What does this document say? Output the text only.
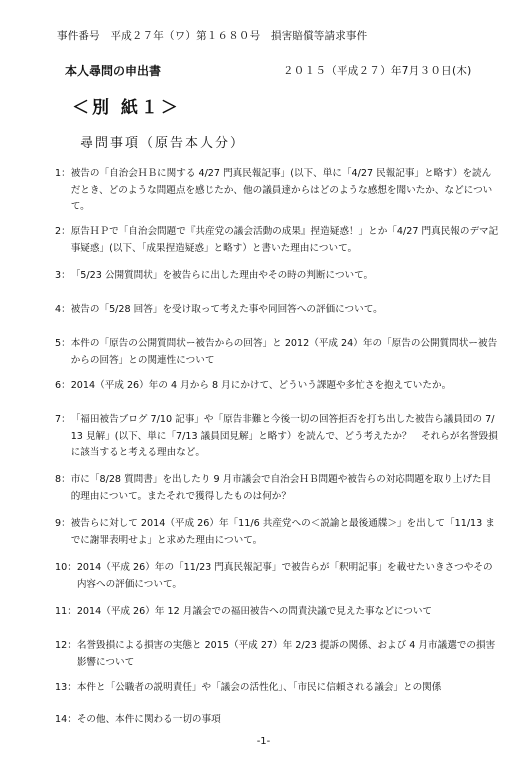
事件番号　平成２７年（ワ）第１６８０号　損害賠償等請求事件
本人尋問の申出書	２０１５（平成２７）年7月３０日(木)
＜別 紙１＞
尋問事項（原告本人分）
1： 被告の「自治会ＨＢに関する 4/27 門真民報記事」(以下、単に「4/27 民報記事」と略す）を読んだとき、どのような問題点を感じたか、他の議員達からはどのような感想を聞いたか、などについて。
2： 原告ＨＰで「自治会問題で『共産党の議会活動の成果』捏造疑惑！」とか「4/27 門真民報のデマ記事疑惑」(以下、「成果捏造疑惑」と略す）と書いた理由について。
3： 「5/23 公開質問状」を被告らに出した理由やその時の判断について。
4： 被告の「5/28 回答」を受け取って考えた事や同回答への評価について。
5： 本件の「原告の公開質問状ー被告からの回答」と 2012（平成 24）年の「原告の公開質問状ー被告からの回答」との関連性について
6： 2014（平成 26）年の 4 月から 8 月にかけて、どういう課題や多忙さを抱えていたか。
7： 「福田被告ブログ 7/10 記事」や「原告非難と今後一切の回答拒否を打ち出した被告ら議員団の 7/13 見解」(以下、単に「7/13 議員団見解」と略す）を読んで、どう考えたか？　それらが名誉毀損に該当すると考える理由など。
8： 市に「8/28 質問書」を出したり 9 月市議会で自治会ＨＢ問題や被告らの対応問題を取り上げた目的理由について。またそれで獲得したものは何か？
9： 被告らに対して 2014（平成 26）年「11/6 共産党への＜説諭と最後通牒＞」を出して「11/13 までに謝罪表明せよ」と求めた理由について。
10： 2014（平成 26）年の「11/23 門真民報記事」で被告らが「釈明記事」を載せたいきさつやその内容への評価について。
11： 2014（平成 26）年 12 月議会での福田被告への問責決議で見えた事などについて
12： 名誉毀損による損害の実態と 2015（平成 27）年 2/23 提訴の関係、および 4 月市議選での損害影響について
13： 本件と「公職者の説明責任」や「議会の活性化」、「市民に信頼される議会」との関係
14： その他、本件に関わる一切の事項
-1-
